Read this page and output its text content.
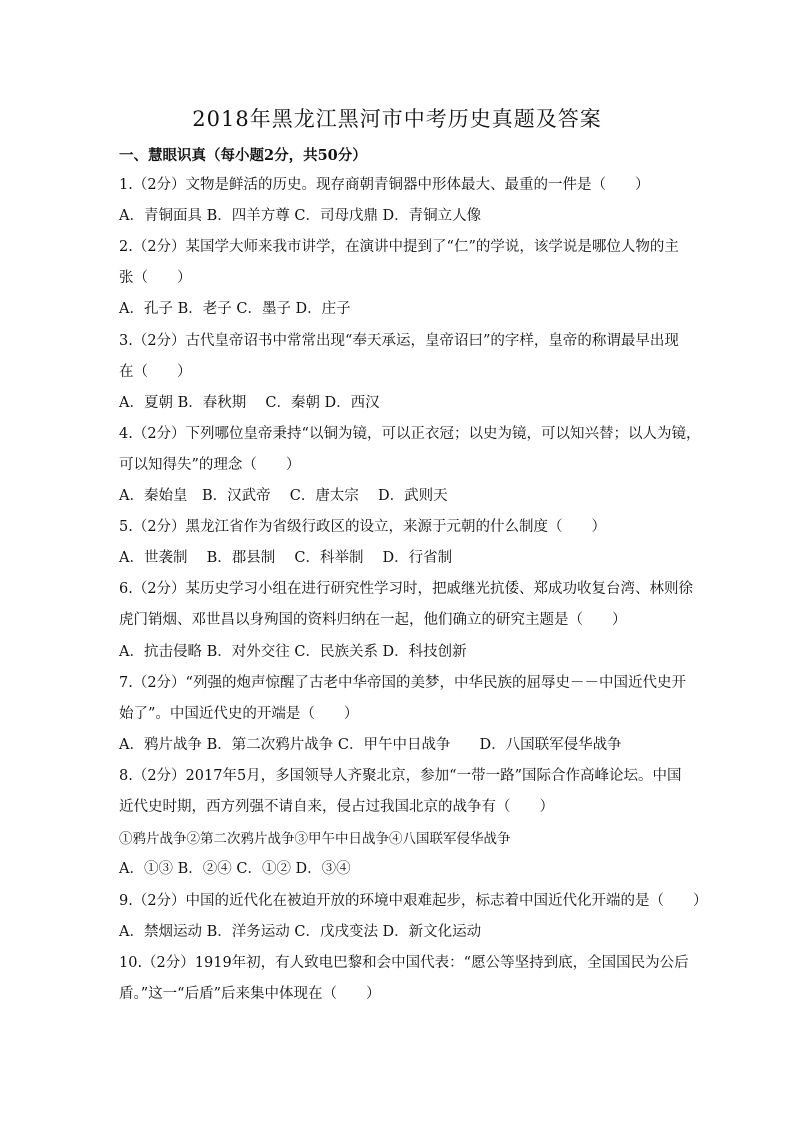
2018年黑龙江黑河市中考历史真题及答案
一、慧眼识真（每小题2分，共50分）
1.（2分）文物是鲜活的历史。现存商朝青铜器中形体最大、最重的一件是（　　）
A．青铜面具 B．四羊方尊 C．司母戊鼎 D．青铜立人像
2.（2分）某国学大师来我市讲学，在演讲中提到了“仁”的学说，该学说是哪位人物的主
张（　　）
A．孔子 B．老子 C．墨子 D．庄子
3.（2分）古代皇帝诏书中常常出现“奉天承运，皇帝诏曰”的字样，皇帝的称谓最早出现
在（　　）
A．夏朝 B．春秋期　 C．秦朝 D．西汉
4.（2分）下列哪位皇帝秉持“以铜为镜，可以正衣冠；以史为镜，可以知兴替；以人为镜，
可以知得失”的理念（　　）
A．秦始皇　B．汉武帝　 C．唐太宗　 D．武则天
5.（2分）黑龙江省作为省级行政区的设立，来源于元朝的什么制度（　　）
A．世袭制　 B．郡县制　 C．科举制　 D．行省制
6.（2分）某历史学习小组在进行研究性学习时，把戚继光抗倭、郑成功收复台湾、林则徐
虎门销烟、邓世昌以身殉国的资料归纳在一起，他们确立的研究主题是（　　）
A．抗击侵略 B．对外交往 C．民族关系 D．科技创新
7.（2分）“列强的炮声惊醒了古老中华帝国的美梦，中华民族的屈辱史－－中国近代史开
始了”。中国近代史的开端是（　　）
A．鸦片战争 B．第二次鸦片战争 C．甲午中日战争　　D．八国联军侵华战争
8.（2分）2017年5月，多国领导人齐聚北京，参加“一带一路”国际合作高峰论坛。中国
近代史时期，西方列强不请自来，侵占过我国北京的战争有（　　）
①鸦片战争②第二次鸦片战争③甲午中日战争④八国联军侵华战争
A．①③ B．②④ C．①② D．③④
9.（2分）中国的近代化在被迫开放的环境中艰难起步，标志着中国近代化开端的是（　　）
A．禁烟运动 B．洋务运动 C．戊戌变法 D．新文化运动
10.（2分）1919年初，有人致电巴黎和会中国代表：“愿公等坚持到底，全国国民为公后
盾。”这一“后盾”后来集中体现在（　　）
